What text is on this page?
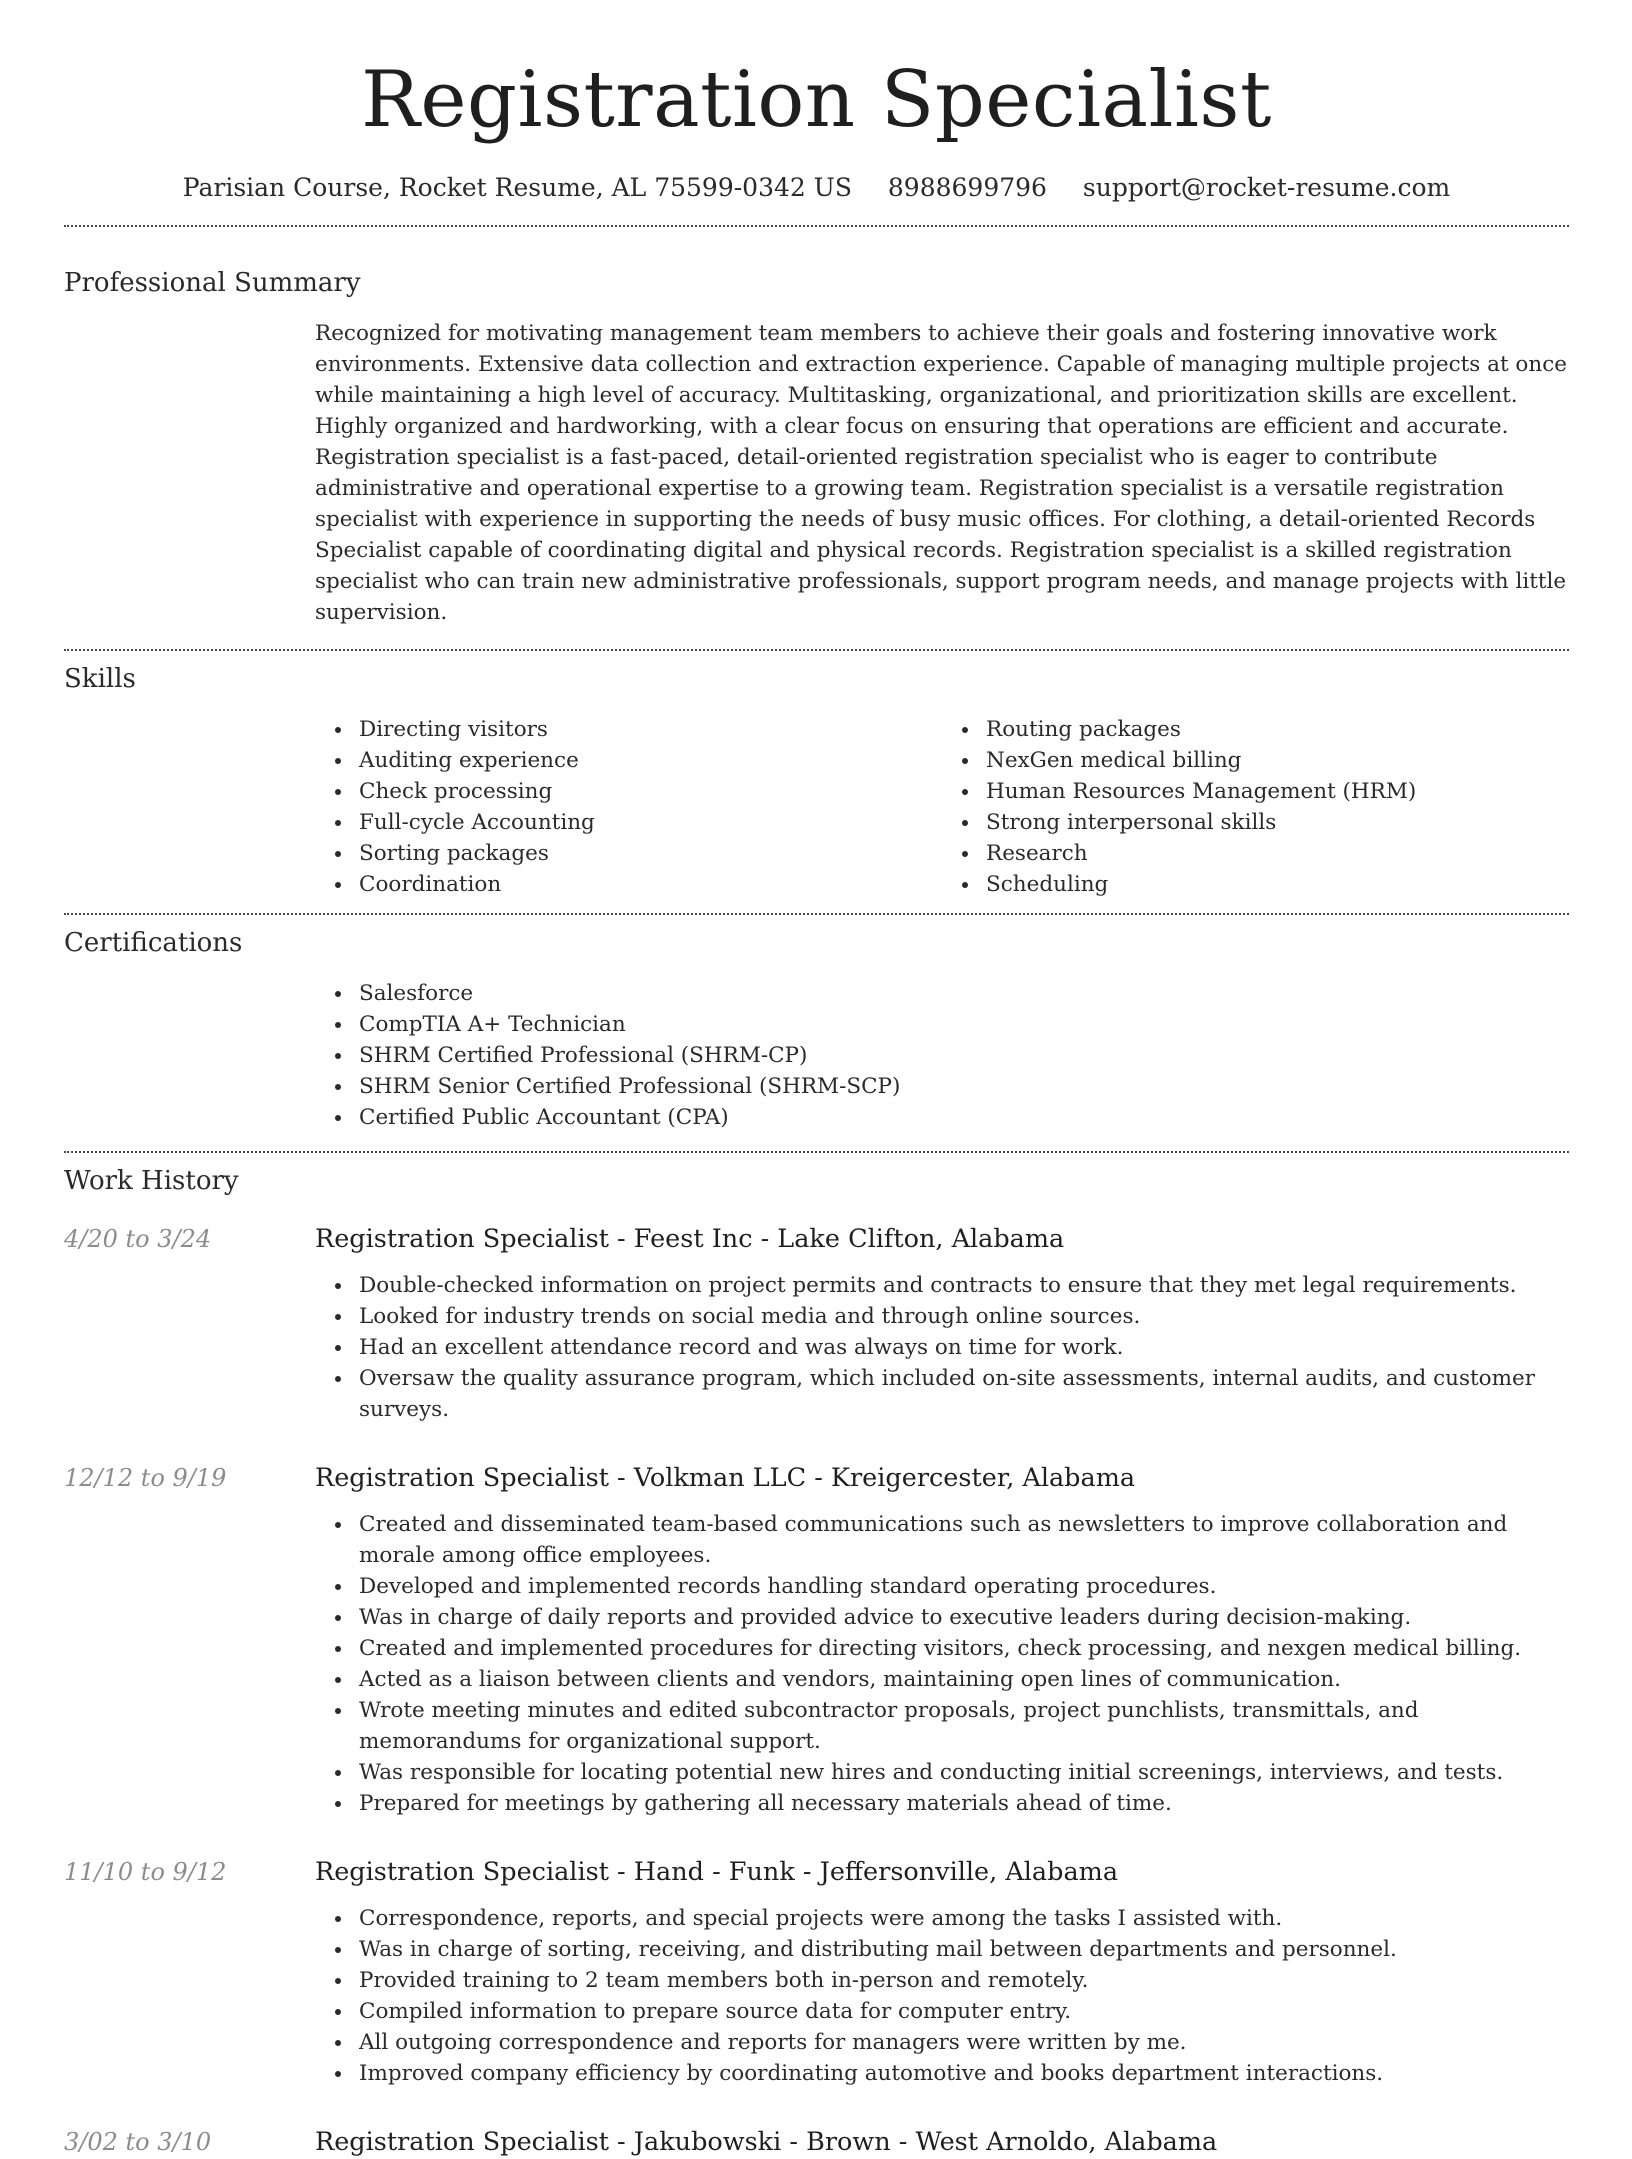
Registration Specialist
Parisian Course, Rocket Resume, AL 75599-0342 US 8988699796 support@rocket-resume.com
Professional Summary

Recognized for motivating management team members to achieve their goals and fostering innovative work environments. Extensive data collection and extraction experience. Capable of managing multiple projects at once while maintaining a high level of accuracy. Multitasking, organizational, and prioritization skills are excellent. Highly organized and hardworking, with a clear focus on ensuring that operations are efficient and accurate. Registration specialist is a fast-paced, detail-oriented registration specialist who is eager to contribute administrative and operational expertise to a growing team. Registration specialist is a versatile registration specialist with experience in supporting the needs of busy music offices. For clothing, a detail-oriented Records Specialist capable of coordinating digital and physical records. Registration specialist is a skilled registration specialist who can train new administrative professionals, support program needs, and manage projects with little supervision.

Skills
Directing visitors
Auditing experience
Check processing
Full-cycle Accounting
Sorting packages
Coordination
Routing packages
NexGen medical billing
Human Resources Management (HRM)
Strong interpersonal skills
Research
Scheduling
Certifications
Salesforce
CompTIA A+ Technician
SHRM Certified Professional (SHRM-CP)
SHRM Senior Certified Professional (SHRM-SCP)
Certified Public Accountant (CPA)
Work History
4/20 to 3/24	Registration Specialist - Feest Inc - Lake Clifton, Alabama
Double-checked information on project permits and contracts to ensure that they met legal requirements.
Looked for industry trends on social media and through online sources.
Had an excellent attendance record and was always on time for work.
Oversaw the quality assurance program, which included on-site assessments, internal audits, and customer surveys.
12/12 to 9/19	Registration Specialist - Volkman LLC - Kreigercester, Alabama
Created and disseminated team-based communications such as newsletters to improve collaboration and morale among office employees.
Developed and implemented records handling standard operating procedures.
Was in charge of daily reports and provided advice to executive leaders during decision-making.
Created and implemented procedures for directing visitors, check processing, and nexgen medical billing.
Acted as a liaison between clients and vendors, maintaining open lines of communication.
Wrote meeting minutes and edited subcontractor proposals, project punchlists, transmittals, and memorandums for organizational support.
Was responsible for locating potential new hires and conducting initial screenings, interviews, and tests.
Prepared for meetings by gathering all necessary materials ahead of time.
11/10 to 9/12	Registration Specialist - Hand - Funk - Jeffersonville, Alabama
Correspondence, reports, and special projects were among the tasks I assisted with.
Was in charge of sorting, receiving, and distributing mail between departments and personnel.
Provided training to 2 team members both in-person and remotely.
Compiled information to prepare source data for computer entry.
All outgoing correspondence and reports for managers were written by me.
Improved company efficiency by coordinating automotive and books department interactions.
3/02 to 3/10	Registration Specialist - Jakubowski - Brown - West Arnoldo, Alabama
